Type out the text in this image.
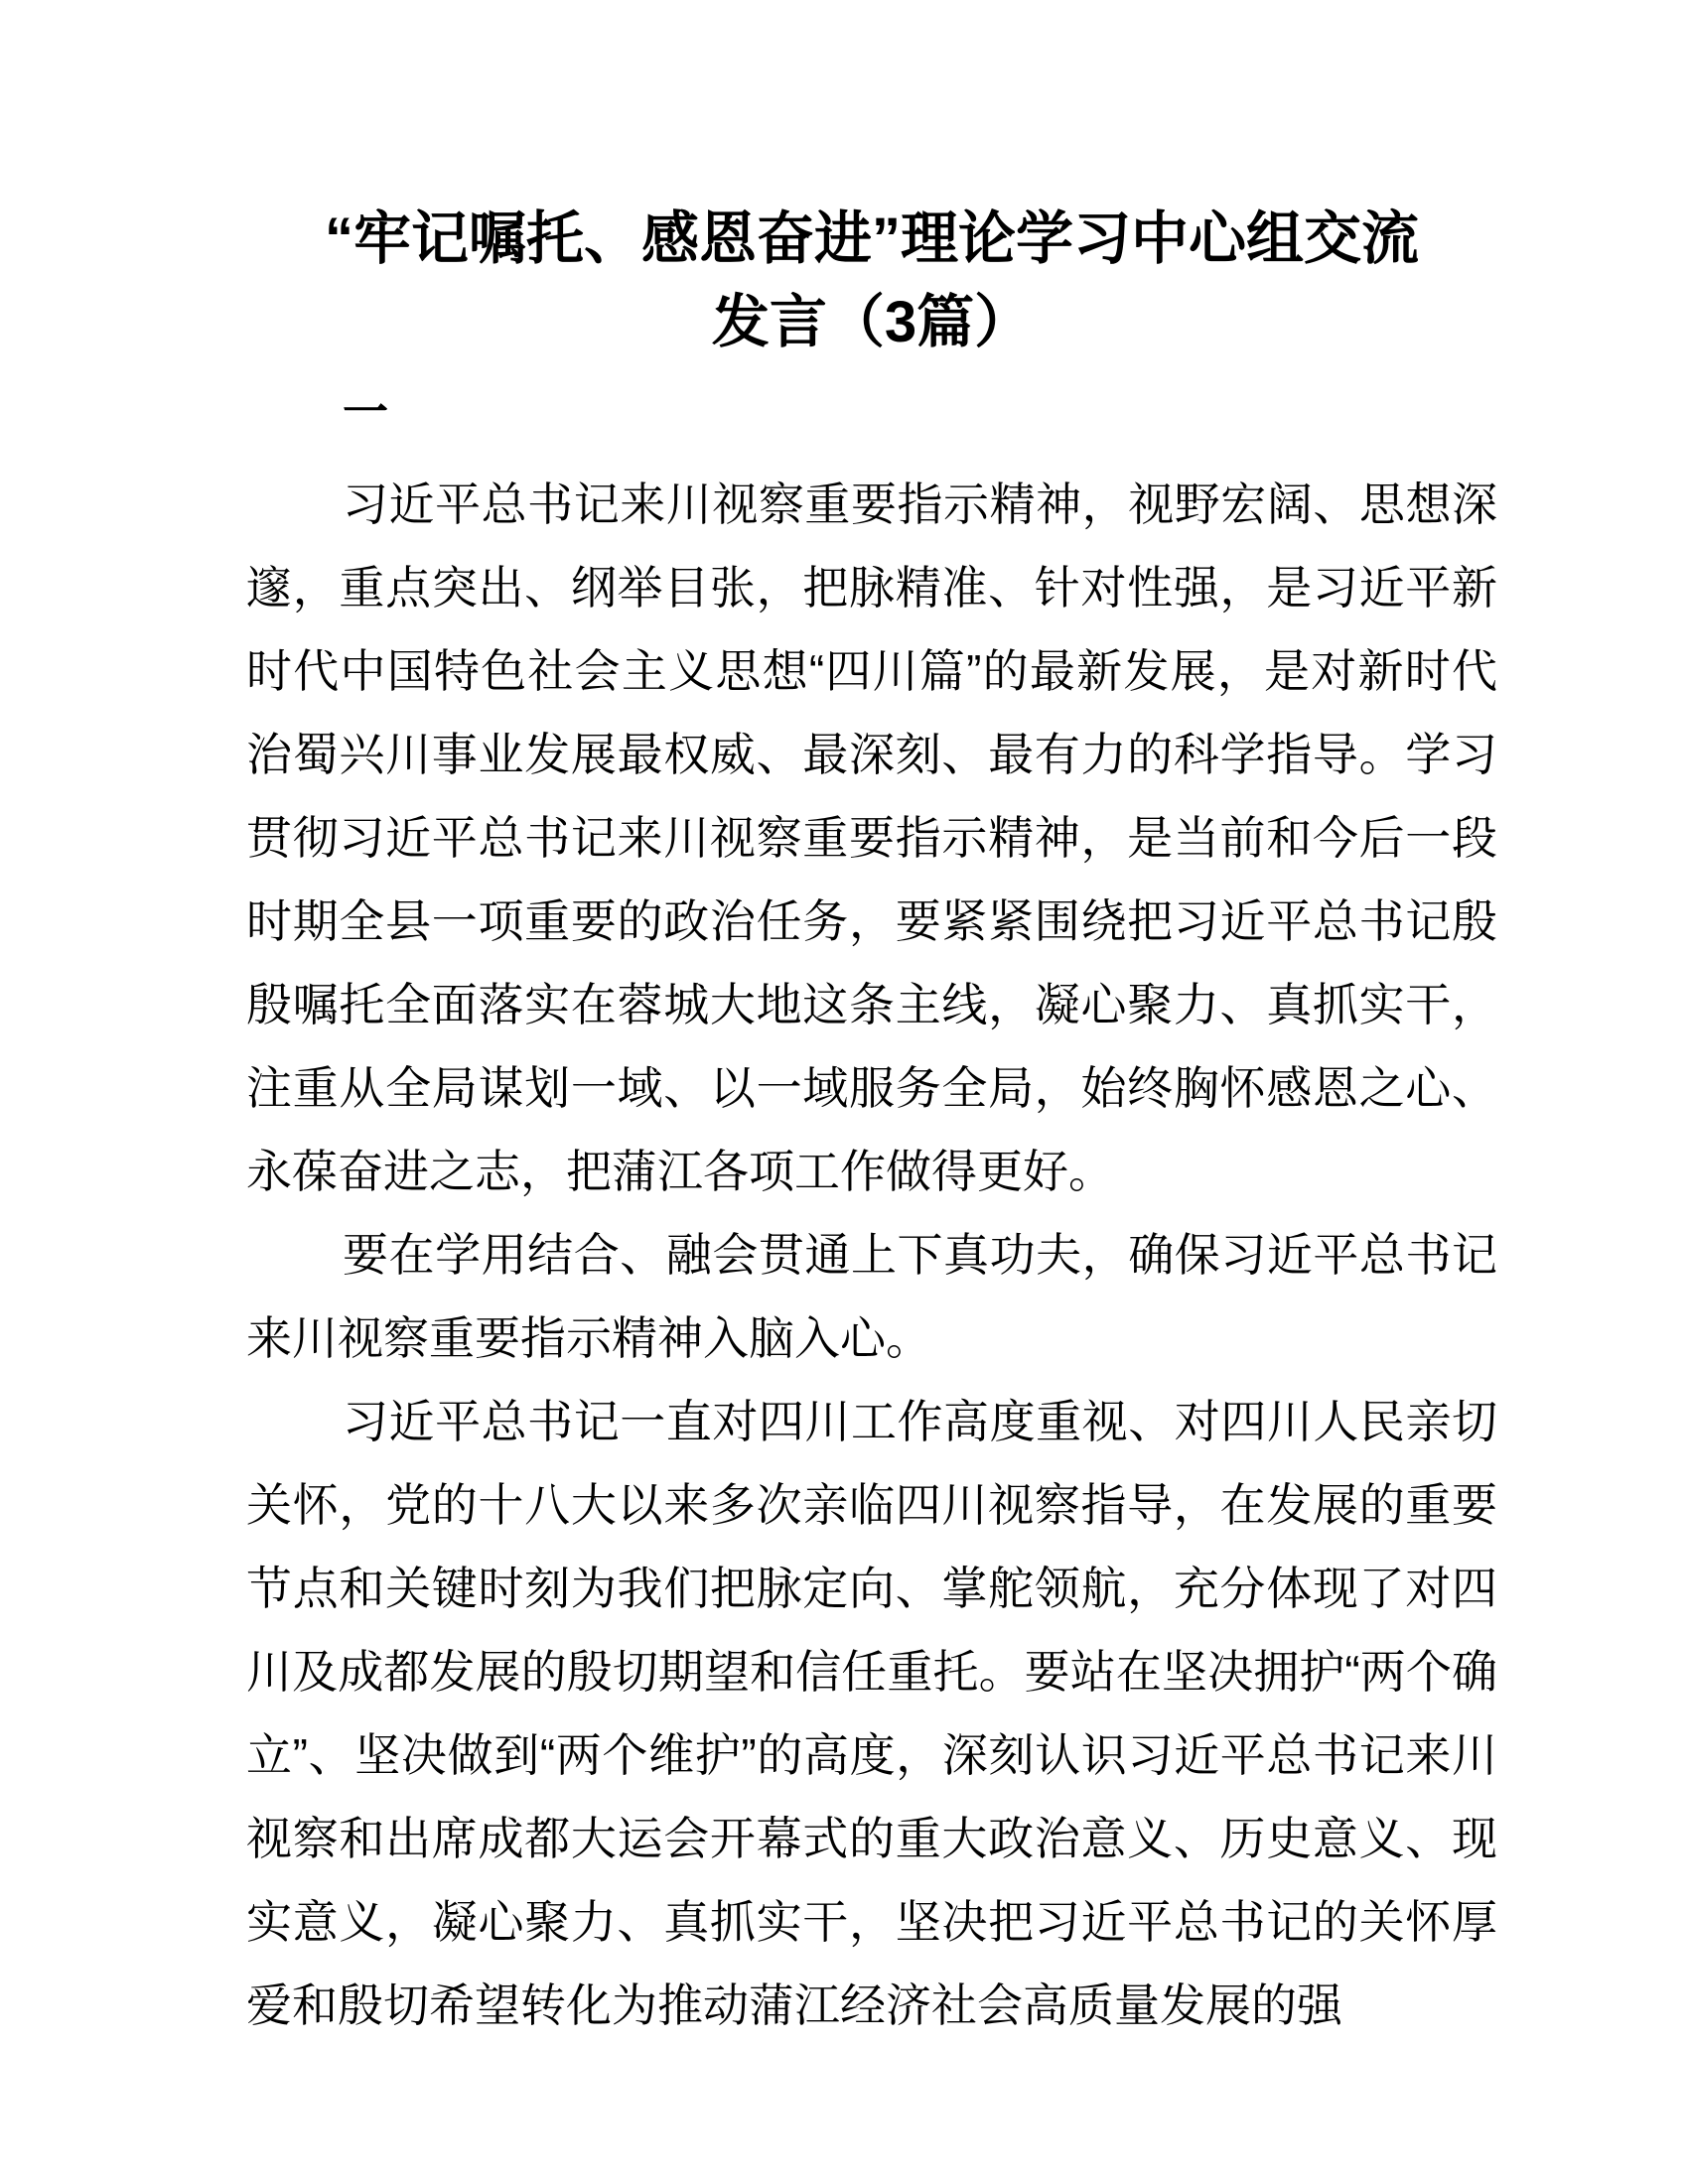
“牢记嘱托、感恩奋进”理论学习中心组交流
发言（3篇）
一

习近平总书记来川视察重要指示精神，视野宏阔、思想深邃，重点突出、纲举目张，把脉精准、针对性强，是习近平新时代中国特色社会主义思想“四川篇”的最新发展，是对新时代治蜀兴川事业发展最权威、最深刻、最有力的科学指导。学习贯彻习近平总书记来川视察重要指示精神，是当前和今后一段时期全县一项重要的政治任务，要紧紧围绕把习近平总书记殷殷嘱托全面落实在蓉城大地这条主线，凝心聚力、真抓实干，注重从全局谋划一域、以一域服务全局，始终胸怀感恩之心、永葆奋进之志，把蒲江各项工作做得更好。

要在学用结合、融会贯通上下真功夫，确保习近平总书记来川视察重要指示精神入脑入心。

习近平总书记一直对四川工作高度重视、对四川人民亲切关怀，党的十八大以来多次亲临四川视察指导，在发展的重要节点和关键时刻为我们把脉定向、掌舵领航，充分体现了对四川及成都发展的殷切期望和信任重托。要站在坚决拥护“两个确立”、坚决做到“两个维护”的高度，深刻认识习近平总书记来川视察和出席成都大运会开幕式的重大政治意义、历史意义、现实意义，凝心聚力、真抓实干，坚决把习近平总书记的关怀厚爱和殷切希望转化为推动蒲江经济社会高质量发展的强
